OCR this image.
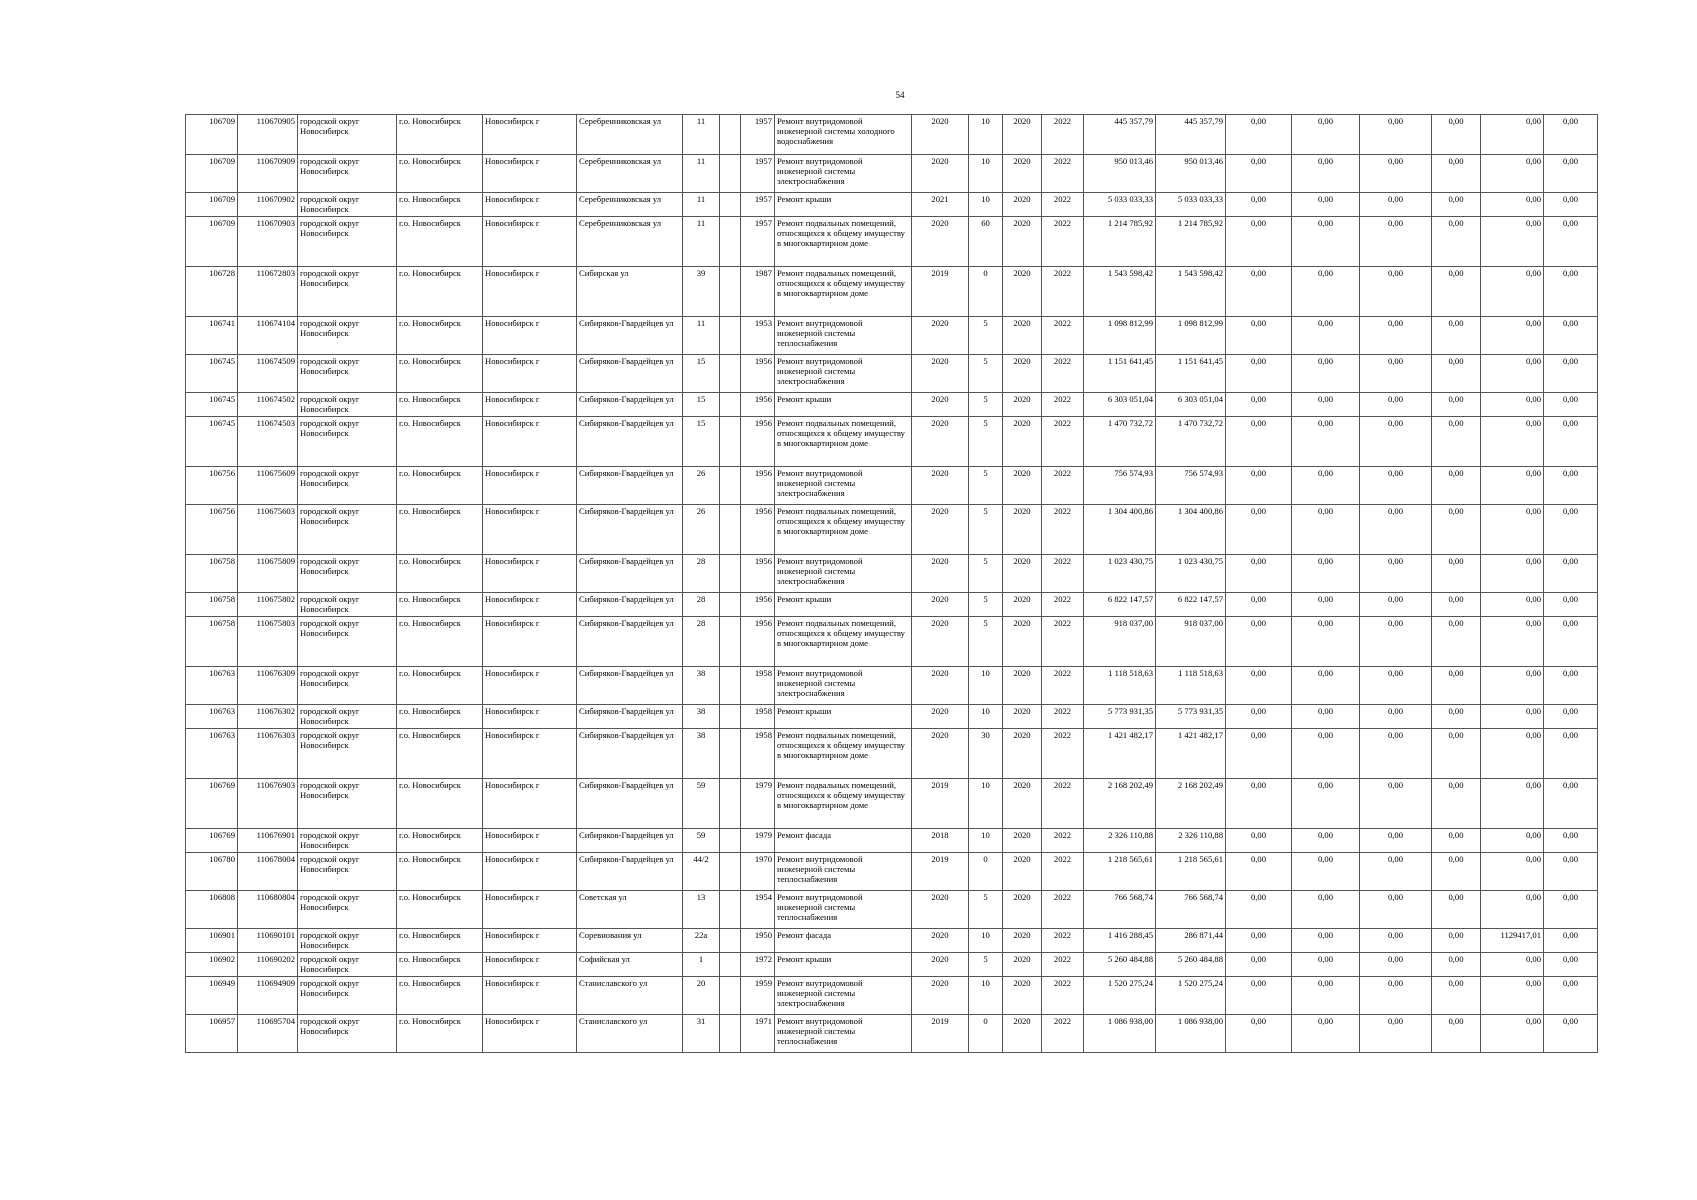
54
106709	110670905	городской округ Новосибирск	г.о. Новосибирск	Новосибирск г	Серебренниковская ул	11		1957	Ремонт внутридомовой инженерной системы холодного водоснабжения	2020	10	2020	2022	445 357,79	445 357,79	0,00	0,00	0,00	0,00	0,00	0,00
106709	110670909	городской округ Новосибирск	г.о. Новосибирск	Новосибирск г	Серебренниковская ул	11		1957	Ремонт внутридомовой инженерной системы электроснабжения	2020	10	2020	2022	950 013,46	950 013,46	0,00	0,00	0,00	0,00	0,00	0,00
106709	110670902	городской округ Новосибирск	г.о. Новосибирск	Новосибирск г	Серебренниковская ул	11		1957	Ремонт крыши	2021	10	2020	2022	5 033 033,33	5 033 033,33	0,00	0,00	0,00	0,00	0,00	0,00
106709	110670903	городской округ Новосибирск	г.о. Новосибирск	Новосибирск г	Серебренниковская ул	11		1957	Ремонт подвальных помещений, относящихся к общему имуществу в многоквартирном доме	2020	60	2020	2022	1 214 785,92	1 214 785,92	0,00	0,00	0,00	0,00	0,00	0,00
106728	110672803	городской округ Новосибирск	г.о. Новосибирск	Новосибирск г	Сибирская ул	39		1987	Ремонт подвальных помещений, относящихся к общему имуществу в многоквартирном доме	2019	0	2020	2022	1 543 598,42	1 543 598,42	0,00	0,00	0,00	0,00	0,00	0,00
106741	110674104	городской округ Новосибирск	г.о. Новосибирск	Новосибирск г	Сибиряков-Гвардейцев ул	11		1953	Ремонт внутридомовой инженерной системы теплоснабжения	2020	5	2020	2022	1 098 812,99	1 098 812,99	0,00	0,00	0,00	0,00	0,00	0,00
106745	110674509	городской округ Новосибирск	г.о. Новосибирск	Новосибирск г	Сибиряков-Гвардейцев ул	15		1956	Ремонт внутридомовой инженерной системы электроснабжения	2020	5	2020	2022	1 151 641,45	1 151 641,45	0,00	0,00	0,00	0,00	0,00	0,00
106745	110674502	городской округ Новосибирск	г.о. Новосибирск	Новосибирск г	Сибиряков-Гвардейцев ул	15		1956	Ремонт крыши	2020	5	2020	2022	6 303 051,04	6 303 051,04	0,00	0,00	0,00	0,00	0,00	0,00
106745	110674503	городской округ Новосибирск	г.о. Новосибирск	Новосибирск г	Сибиряков-Гвардейцев ул	15		1956	Ремонт подвальных помещений, относящихся к общему имуществу в многоквартирном доме	2020	5	2020	2022	1 470 732,72	1 470 732,72	0,00	0,00	0,00	0,00	0,00	0,00
106756	110675609	городской округ Новосибирск	г.о. Новосибирск	Новосибирск г	Сибиряков-Гвардейцев ул	26		1956	Ремонт внутридомовой инженерной системы электроснабжения	2020	5	2020	2022	756 574,93	756 574,93	0,00	0,00	0,00	0,00	0,00	0,00
106756	110675603	городской округ Новосибирск	г.о. Новосибирск	Новосибирск г	Сибиряков-Гвардейцев ул	26		1956	Ремонт подвальных помещений, относящихся к общему имуществу в многоквартирном доме	2020	5	2020	2022	1 304 400,86	1 304 400,86	0,00	0,00	0,00	0,00	0,00	0,00
106758	110675809	городской округ Новосибирск	г.о. Новосибирск	Новосибирск г	Сибиряков-Гвардейцев ул	28		1956	Ремонт внутридомовой инженерной системы электроснабжения	2020	5	2020	2022	1 023 430,75	1 023 430,75	0,00	0,00	0,00	0,00	0,00	0,00
106758	110675802	городской округ Новосибирск	г.о. Новосибирск	Новосибирск г	Сибиряков-Гвардейцев ул	28		1956	Ремонт крыши	2020	5	2020	2022	6 822 147,57	6 822 147,57	0,00	0,00	0,00	0,00	0,00	0,00
106758	110675803	городской округ Новосибирск	г.о. Новосибирск	Новосибирск г	Сибиряков-Гвардейцев ул	28		1956	Ремонт подвальных помещений, относящихся к общему имуществу в многоквартирном доме	2020	5	2020	2022	918 037,00	918 037,00	0,00	0,00	0,00	0,00	0,00	0,00
106763	110676309	городской округ Новосибирск	г.о. Новосибирск	Новосибирск г	Сибиряков-Гвардейцев ул	38		1958	Ремонт внутридомовой инженерной системы электроснабжения	2020	10	2020	2022	1 118 518,63	1 118 518,63	0,00	0,00	0,00	0,00	0,00	0,00
106763	110676302	городской округ Новосибирск	г.о. Новосибирск	Новосибирск г	Сибиряков-Гвардейцев ул	38		1958	Ремонт крыши	2020	10	2020	2022	5 773 931,35	5 773 931,35	0,00	0,00	0,00	0,00	0,00	0,00
106763	110676303	городской округ Новосибирск	г.о. Новосибирск	Новосибирск г	Сибиряков-Гвардейцев ул	38		1958	Ремонт подвальных помещений, относящихся к общему имуществу в многоквартирном доме	2020	30	2020	2022	1 421 482,17	1 421 482,17	0,00	0,00	0,00	0,00	0,00	0,00
106769	110676903	городской округ Новосибирск	г.о. Новосибирск	Новосибирск г	Сибиряков-Гвардейцев ул	59		1979	Ремонт подвальных помещений, относящихся к общему имуществу в многоквартирном доме	2019	10	2020	2022	2 168 202,49	2 168 202,49	0,00	0,00	0,00	0,00	0,00	0,00
106769	110676901	городской округ Новосибирск	г.о. Новосибирск	Новосибирск г	Сибиряков-Гвардейцев ул	59		1979	Ремонт фасада	2018	10	2020	2022	2 326 110,88	2 326 110,88	0,00	0,00	0,00	0,00	0,00	0,00
106780	110678004	городской округ Новосибирск	г.о. Новосибирск	Новосибирск г	Сибиряков-Гвардейцев ул	44/2		1970	Ремонт внутридомовой инженерной системы теплоснабжения	2019	0	2020	2022	1 218 565,61	1 218 565,61	0,00	0,00	0,00	0,00	0,00	0,00
106808	110680804	городской округ Новосибирск	г.о. Новосибирск	Новосибирск г	Советская ул	13		1954	Ремонт внутридомовой инженерной системы теплоснабжения	2020	5	2020	2022	766 568,74	766 568,74	0,00	0,00	0,00	0,00	0,00	0,00
106901	110690101	городской округ Новосибирск	г.о. Новосибирск	Новосибирск г	Соревнования ул	22а		1950	Ремонт фасада	2020	10	2020	2022	1 416 288,45	286 871,44	0,00	0,00	0,00	0,00	1129417,01	0,00
106902	110690202	городской округ Новосибирск	г.о. Новосибирск	Новосибирск г	Софийская ул	1		1972	Ремонт крыши	2020	5	2020	2022	5 260 484,88	5 260 484,88	0,00	0,00	0,00	0,00	0,00	0,00
106949	110694909	городской округ Новосибирск	г.о. Новосибирск	Новосибирск г	Станиславского ул	20		1959	Ремонт внутридомовой инженерной системы электроснабжения	2020	10	2020	2022	1 520 275,24	1 520 275,24	0,00	0,00	0,00	0,00	0,00	0,00
106957	110695704	городской округ Новосибирск	г.о. Новосибирск	Новосибирск г	Станиславского ул	31		1971	Ремонт внутридомовой инженерной системы теплоснабжения	2019	0	2020	2022	1 086 938,00	1 086 938,00	0,00	0,00	0,00	0,00	0,00	0,00
